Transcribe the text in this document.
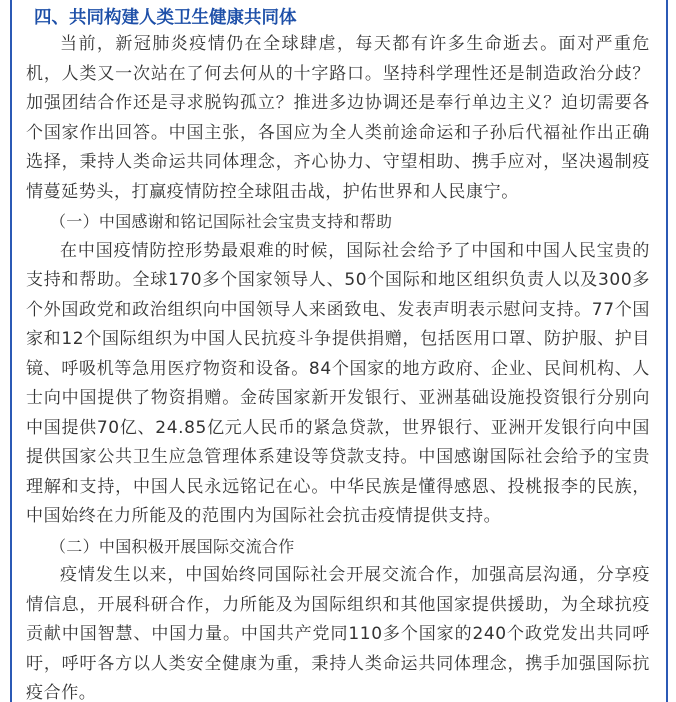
四、共同构建人类卫生健康共同体

当前，新冠肺炎疫情仍在全球肆虐，每天都有许多生命逝去。面对严重危机，人类又一次站在了何去何从的十字路口。坚持科学理性还是制造政治分歧？加强团结合作还是寻求脱钩孤立？推进多边协调还是奉行单边主义？迫切需要各个国家作出回答。中国主张，各国应为全人类前途命运和子孙后代福祉作出正确选择，秉持人类命运共同体理念，齐心协力、守望相助、携手应对，坚决遏制疫情蔓延势头，打赢疫情防控全球阻击战，护佑世界和人民康宁。

（一）中国感谢和铭记国际社会宝贵支持和帮助

在中国疫情防控形势最艰难的时候，国际社会给予了中国和中国人民宝贵的支持和帮助。全球170多个国家领导人、50个国际和地区组织负责人以及300多个外国政党和政治组织向中国领导人来函致电、发表声明表示慰问支持。77个国家和12个国际组织为中国人民抗疫斗争提供捐赠，包括医用口罩、防护服、护目镜、呼吸机等急用医疗物资和设备。84个国家的地方政府、企业、民间机构、人士向中国提供了物资捐赠。金砖国家新开发银行、亚洲基础设施投资银行分别向中国提供70亿、24.85亿元人民币的紧急贷款，世界银行、亚洲开发银行向中国提供国家公共卫生应急管理体系建设等贷款支持。中国感谢国际社会给予的宝贵理解和支持，中国人民永远铭记在心。中华民族是懂得感恩、投桃报李的民族，中国始终在力所能及的范围内为国际社会抗击疫情提供支持。

（二）中国积极开展国际交流合作

疫情发生以来，中国始终同国际社会开展交流合作，加强高层沟通，分享疫情信息，开展科研合作，力所能及为国际组织和其他国家提供援助，为全球抗疫贡献中国智慧、中国力量。中国共产党同110多个国家的240个政党发出共同呼吁，呼吁各方以人类安全健康为重，秉持人类命运共同体理念，携手加强国际抗疫合作。
